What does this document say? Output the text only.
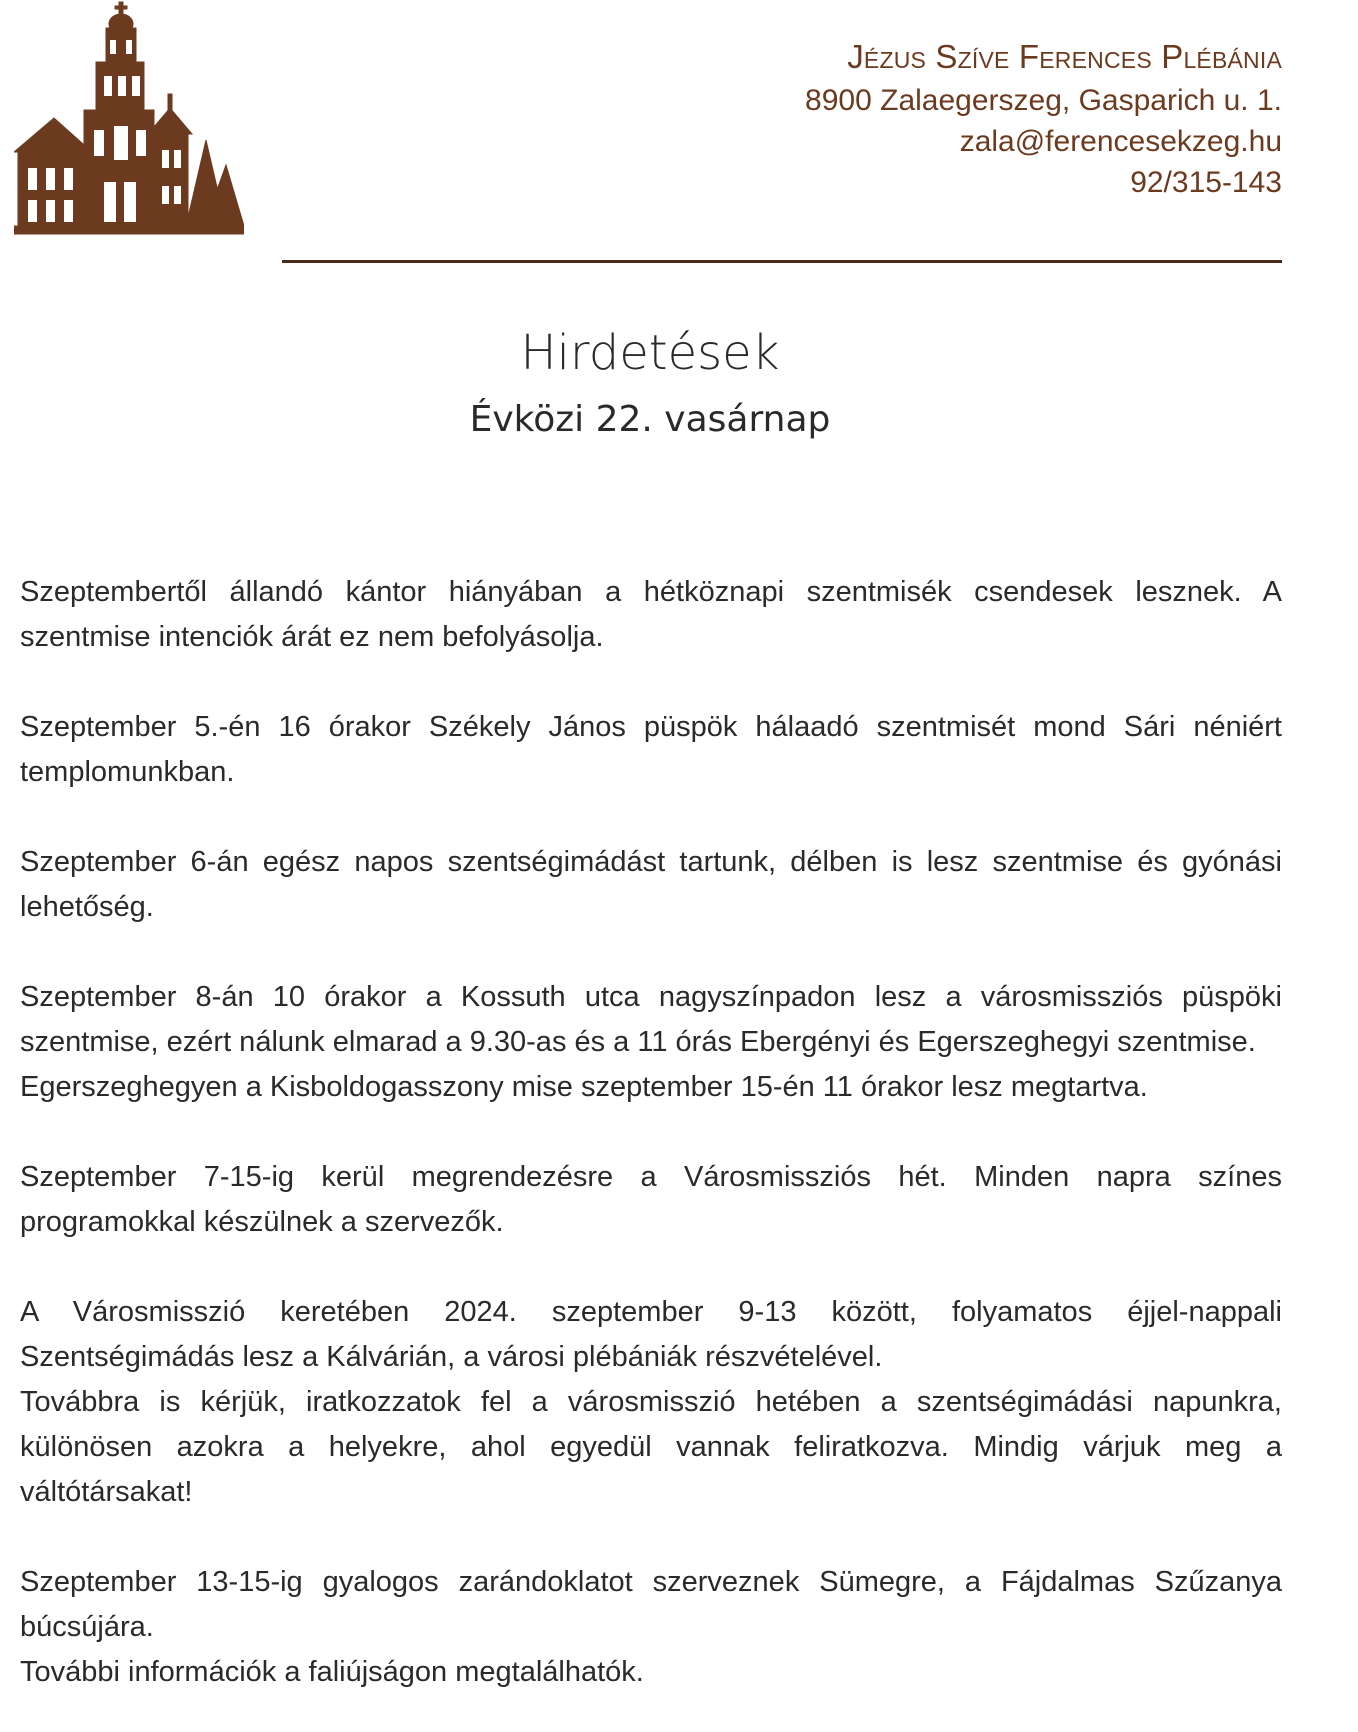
Jézus Szíve Ferences Plébánia
8900 Zalaegerszeg, Gasparich u. 1.
zala@ferencesekzeg.hu
92/315-143
Hirdetések
Évközi 22. vasárnap

Szeptembertől állandó kántor hiányában a hétköznapi szentmisék csendesek lesznek. A szentmise intenciók árát ez nem befolyásolja.

Szeptember 5.-én 16 órakor Székely János püspök hálaadó szentmisét mond Sári néniért templomunkban.

Szeptember 6-án egész napos szentségimádást tartunk, délben is lesz szentmise és gyónási lehetőség.

Szeptember 8-án 10 órakor a Kossuth utca nagyszínpadon lesz a városmissziós püspöki szentmise, ezért nálunk elmarad a 9.30-as és a 11 órás Ebergényi és Egerszeghegyi szentmise.

Egerszeghegyen a Kisboldogasszony mise szeptember 15-én 11 órakor lesz megtartva.

Szeptember 7-15-ig kerül megrendezésre a Városmissziós hét. Minden napra színes programokkal készülnek a szervezők.

A Városmisszió keretében 2024. szeptember 9-13 között, folyamatos éjjel-nappali Szentségimádás lesz a Kálvárián, a városi plébániák részvételével.

Továbbra is kérjük, iratkozzatok fel a városmisszió hetében a szentségimádási napunkra, különösen azokra a helyekre, ahol egyedül vannak feliratkozva. Mindig várjuk meg a váltótársakat!

Szeptember 13-15-ig gyalogos zarándoklatot szerveznek Sümegre, a Fájdalmas Szűzanya búcsújára.

További információk a faliújságon megtalálhatók.
